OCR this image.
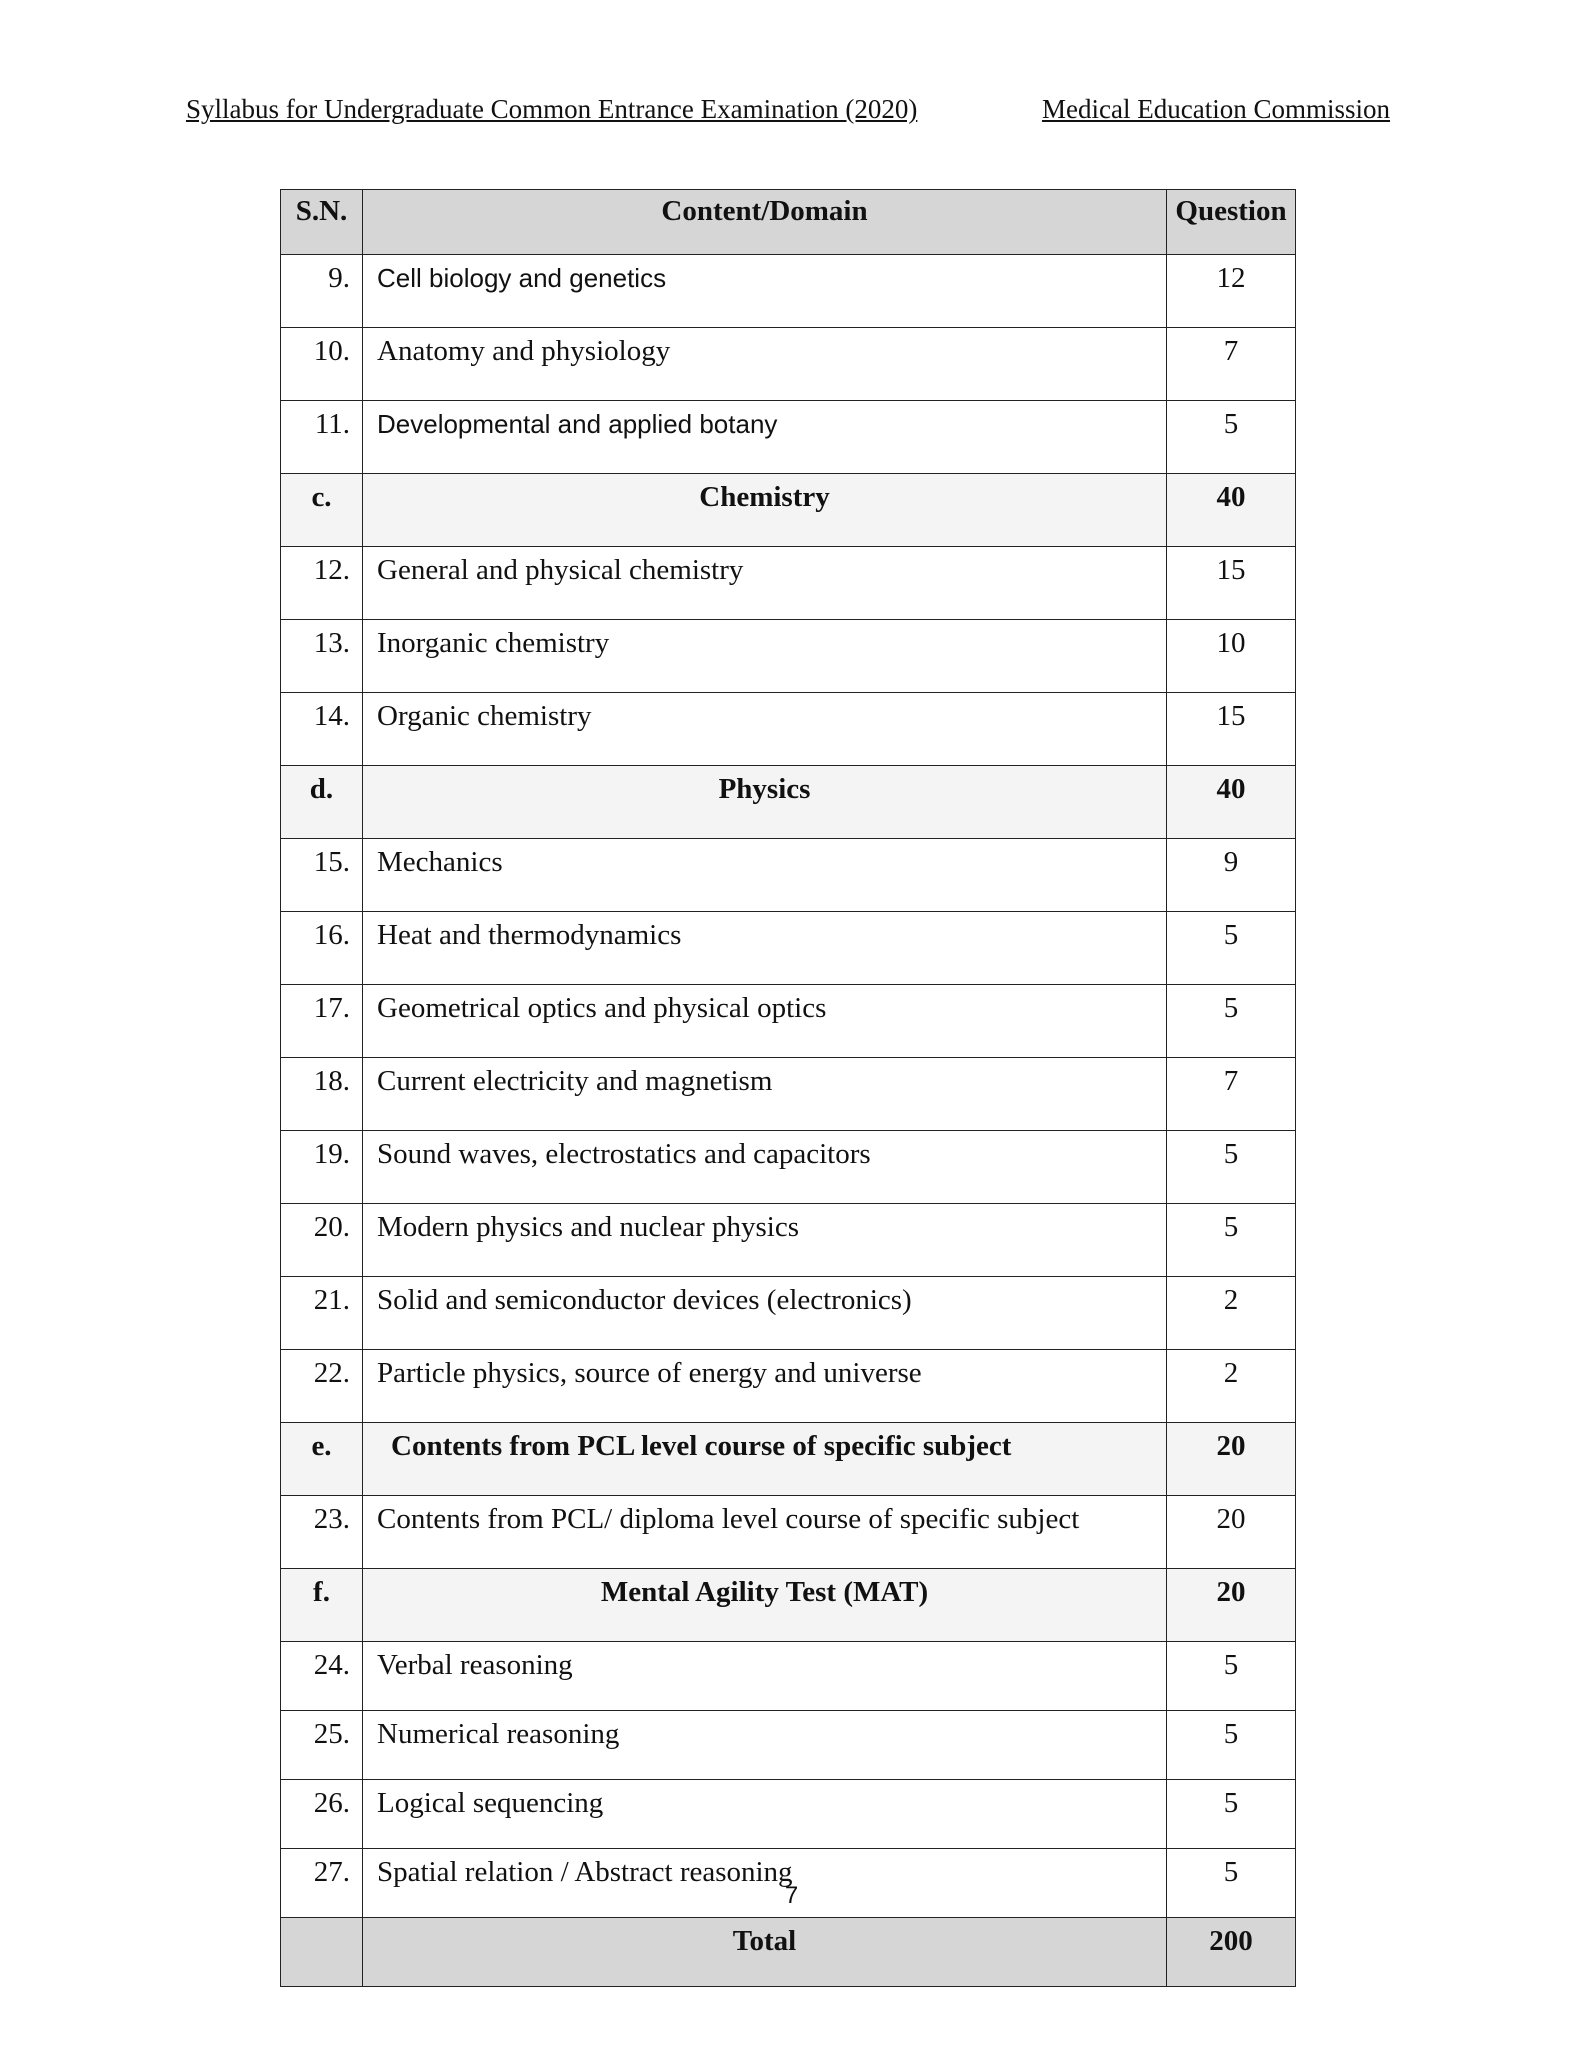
Syllabus for Undergraduate Common Entrance Examination (2020)	Medical Education Commission
S.N.	Content/Domain	Question
9.	Cell biology and genetics	12
10.	Anatomy and physiology	7
11.	Developmental and applied botany	5
c.	Chemistry	40
12.	General and physical chemistry	15
13.	Inorganic chemistry	10
14.	Organic chemistry	15
d.	Physics	40
15.	Mechanics	9
16.	Heat and thermodynamics	5
17.	Geometrical optics and physical optics	5
18.	Current electricity and magnetism	7
19.	Sound waves, electrostatics and capacitors	5
20.	Modern physics and nuclear physics	5
21.	Solid and semiconductor devices (electronics)	2
22.	Particle physics, source of energy and universe	2
e.	Contents from PCL level course of specific subject	20
23.	Contents from PCL/ diploma level course of specific subject	20
f.	Mental Agility Test (MAT)	20
24.	Verbal reasoning	5
25.	Numerical reasoning	5
26.	Logical sequencing	5
27.	Spatial relation / Abstract reasoning	5
	Total	200
7
